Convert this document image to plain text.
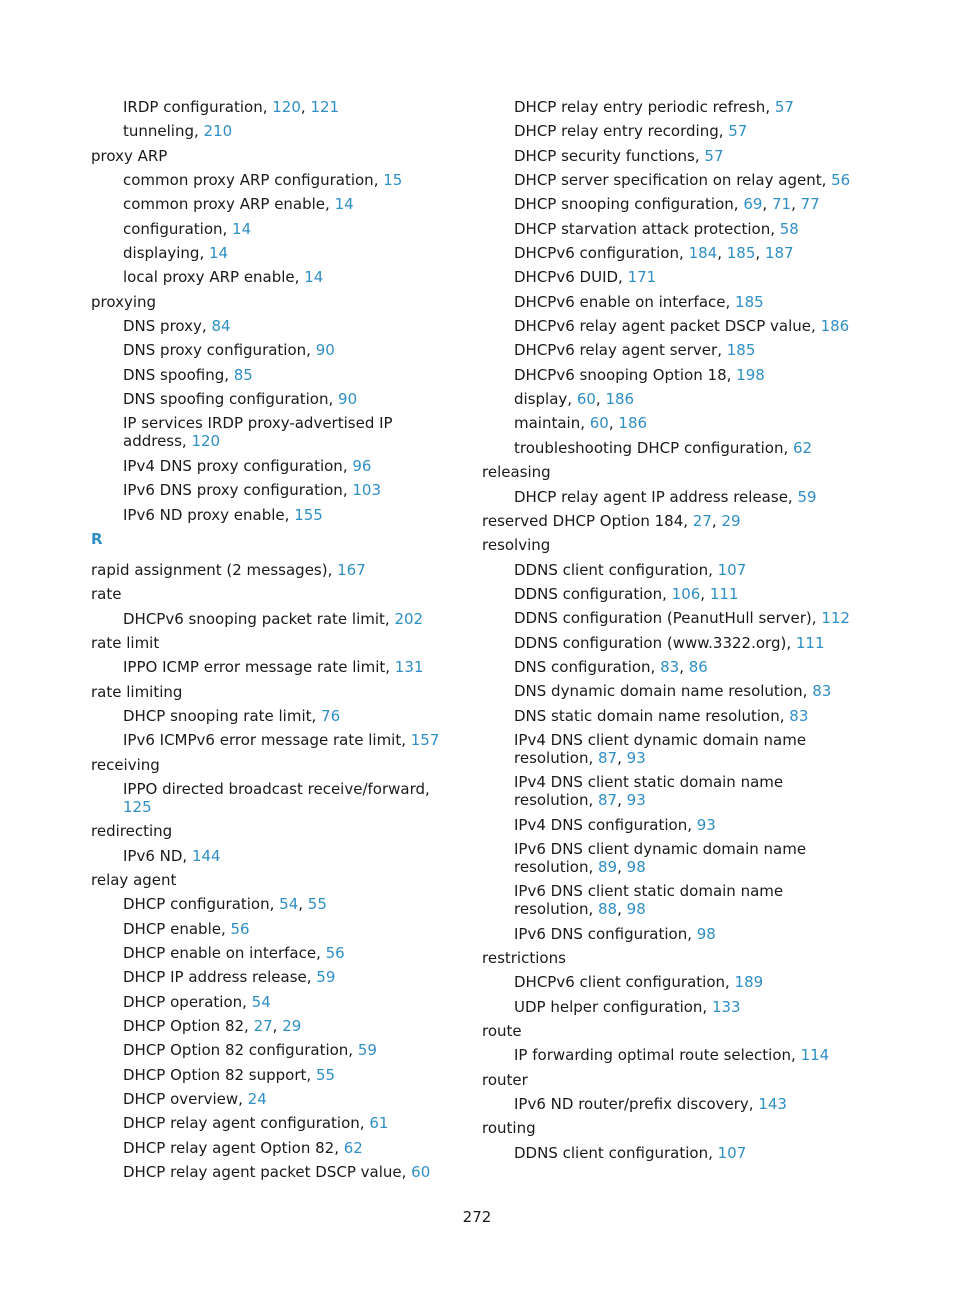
IRDP configuration, 120, 121
tunneling, 210
proxy ARP
common proxy ARP configuration, 15
common proxy ARP enable, 14
configuration, 14
displaying, 14
local proxy ARP enable, 14
proxying
DNS proxy, 84
DNS proxy configuration, 90
DNS spoofing, 85
DNS spoofing configuration, 90
IP services IRDP proxy-advertised IP address, 120
IPv4 DNS proxy configuration, 96
IPv6 DNS proxy configuration, 103
IPv6 ND proxy enable, 155
R
rapid assignment (2 messages), 167
rate
DHCPv6 snooping packet rate limit, 202
rate limit
IPPO ICMP error message rate limit, 131
rate limiting
DHCP snooping rate limit, 76
IPv6 ICMPv6 error message rate limit, 157
receiving
IPPO directed broadcast receive/forward, 125
redirecting
IPv6 ND, 144
relay agent
DHCP configuration, 54, 55
DHCP enable, 56
DHCP enable on interface, 56
DHCP IP address release, 59
DHCP operation, 54
DHCP Option 82, 27, 29
DHCP Option 82 configuration, 59
DHCP Option 82 support, 55
DHCP overview, 24
DHCP relay agent configuration, 61
DHCP relay agent Option 82, 62
DHCP relay agent packet DSCP value, 60
DHCP relay entry periodic refresh, 57
DHCP relay entry recording, 57
DHCP security functions, 57
DHCP server specification on relay agent, 56
DHCP snooping configuration, 69, 71, 77
DHCP starvation attack protection, 58
DHCPv6 configuration, 184, 185, 187
DHCPv6 DUID, 171
DHCPv6 enable on interface, 185
DHCPv6 relay agent packet DSCP value, 186
DHCPv6 relay agent server, 185
DHCPv6 snooping Option 18, 198
display, 60, 186
maintain, 60, 186
troubleshooting DHCP configuration, 62
releasing
DHCP relay agent IP address release, 59
reserved DHCP Option 184, 27, 29
resolving
DDNS client configuration, 107
DDNS configuration, 106, 111
DDNS configuration (PeanutHull server), 112
DDNS configuration (www.3322.org), 111
DNS configuration, 83, 86
DNS dynamic domain name resolution, 83
DNS static domain name resolution, 83
IPv4 DNS client dynamic domain name resolution, 87, 93
IPv4 DNS client static domain name resolution, 87, 93
IPv4 DNS configuration, 93
IPv6 DNS client dynamic domain name resolution, 89, 98
IPv6 DNS client static domain name resolution, 88, 98
IPv6 DNS configuration, 98
restrictions
DHCPv6 client configuration, 189
UDP helper configuration, 133
route
IP forwarding optimal route selection, 114
router
IPv6 ND router/prefix discovery, 143
routing
DDNS client configuration, 107
272
